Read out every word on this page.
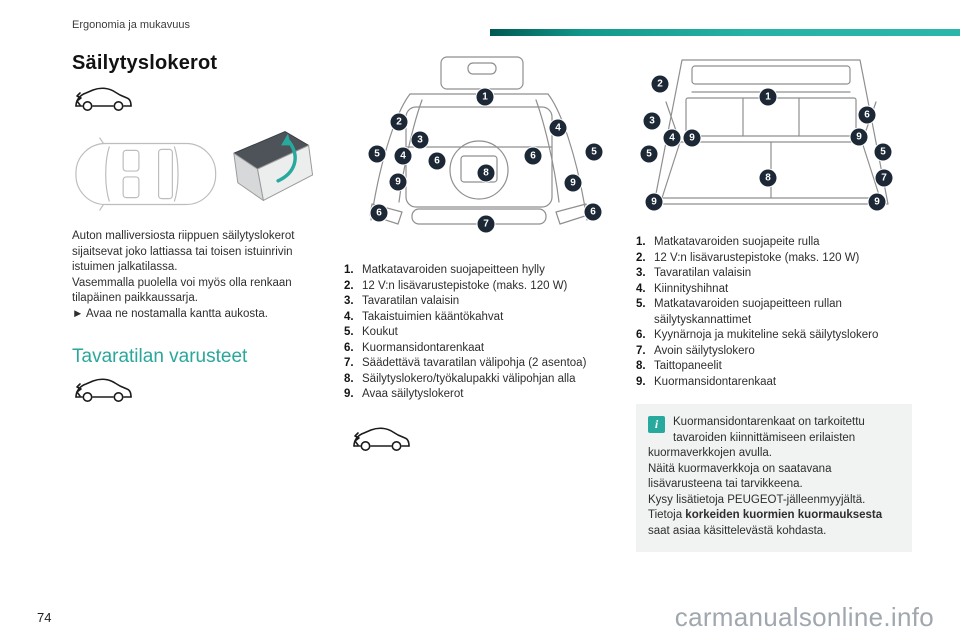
Ergonomia ja mukavuus
Säilytyslokerot

Auton malliversiosta riippuen säilytyslokerot sijaitsevat joko lattiassa tai toisen istuinrivin istuimen jalkatilassa.

Vasemmalla puolella voi myös olla renkaan tilapäinen paikkaussarja.

► Avaa ne nostamalla kantta aukosta.

Tavaratilan varusteet
1
2
3
4
4
5	5
6	6
6	6
7
8
9	9
1. Matkatavaroiden suojapeitteen hylly
2. 12 V:n lisävarustepistoke (maks. 120 W)
3. Tavaratilan valaisin
4. Takaistuimien kääntökahvat
5. Koukut
6. Kuormansidontarenkaat
7. Säädettävä tavaratilan välipohja (2 asentoa)
8. Säilytyslokero/työkalupakki välipohjan alla
9. Avaa säilytyslokerot
2
1
3
6
4	9	9
5	5
8	7
9	9
1. Matkatavaroiden suojapeite rulla
2. 12 V:n lisävarustepistoke (maks. 120 W)
3. Tavaratilan valaisin
4. Kiinnityshihnat
5. Matkatavaroiden suojapeitteen rullan säilytyskannattimet
6. Kyynärnoja ja mukiteline sekä säilytyslokero
7. Avoin säilytyslokero
8. Taittopaneelit
9. Kuormansidontarenkaat
i	Kuormansidontarenkaat on tarkoitettu tavaroiden kiinnittämiseen erilaisten kuormaverkkojen avulla.
Näitä kuormaverkkoja on saatavana lisävarusteena tai tarvikkeena.
Kysy lisätietoja PEUGEOT-jälleenmyyjältä.
Tietoja korkeiden kuormien kuormauksesta saat asiaa käsittelevästä kohdasta.
74	carmanualsonline.info
